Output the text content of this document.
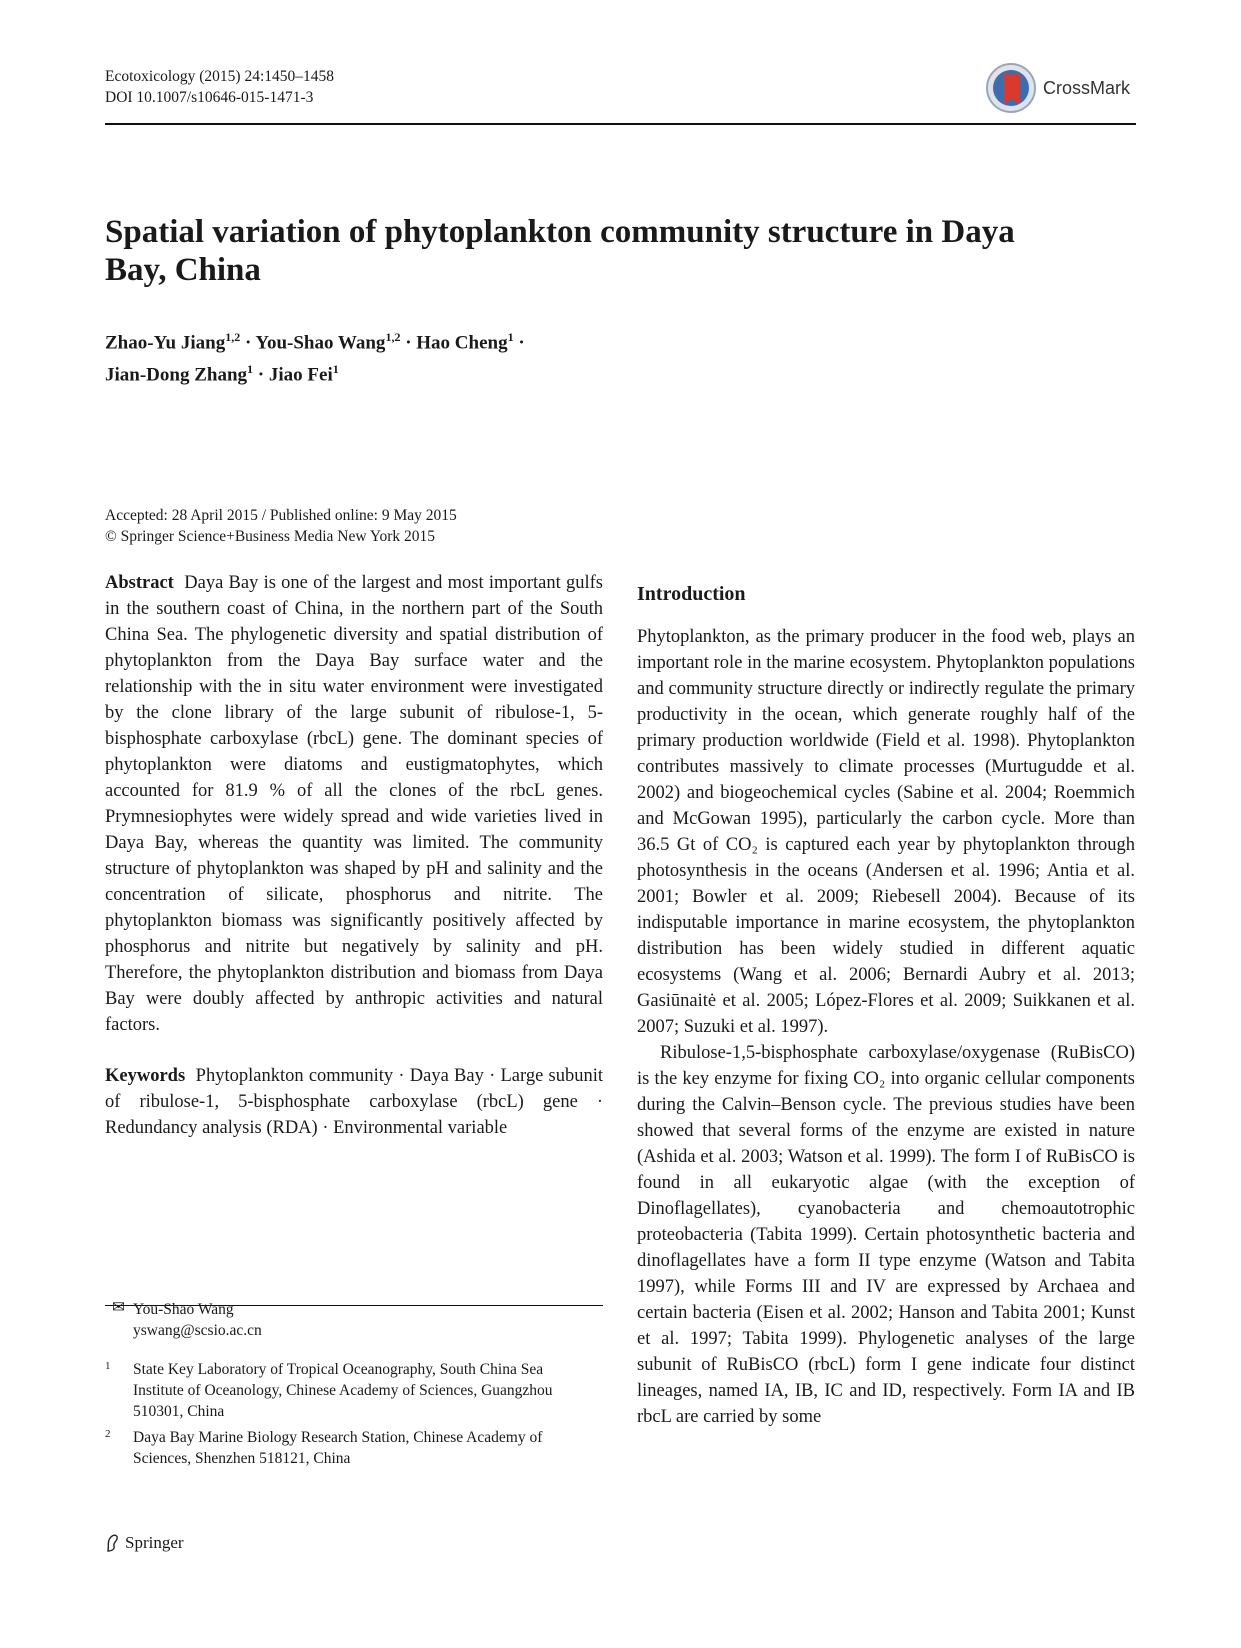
Ecotoxicology (2015) 24:1450–1458
DOI 10.1007/s10646-015-1471-3	CrossMark
Spatial variation of phytoplankton community structure in Daya
Bay, China
Zhao-Yu Jiang$^{1,2}$ · You-Shao Wang$^{1,2}$ · Hao Cheng$^1$ ·
Jian-Dong Zhang$^1$ · Jiao Fei$^1$
Accepted: 28 April 2015 / Published online: 9 May 2015
© Springer Science+Business Media New York 2015

Abstract Daya Bay is one of the largest and most important gulfs in the southern coast of China, in the northern part of the South China Sea. The phylogenetic diversity and spatial distribution of phytoplankton from the Daya Bay surface water and the relationship with the in situ water environment were investigated by the clone library of the large subunit of ribulose-1, 5-bisphosphate carboxylase (rbcL) gene. The dominant species of phytoplankton were diatoms and eustigmatophytes, which accounted for 81.9 % of all the clones of the rbcL genes. Prymnesiophytes were widely spread and wide varieties lived in Daya Bay, whereas the quantity was limited. The community structure of phytoplankton was shaped by pH and salinity and the concentration of silicate, phosphorus and nitrite. The phytoplankton biomass was significantly positively affected by phosphorus and nitrite but negatively by salinity and pH. Therefore, the phytoplankton distribution and biomass from Daya Bay were doubly affected by anthropic activities and natural factors.

Keywords Phytoplankton community · Daya Bay · Large subunit of ribulose-1, 5-bisphosphate carboxylase (rbcL) gene · Redundancy analysis (RDA) · Environmental variable

✉ You-Shao Wang
yswang@scsio.ac.cn
1 State Key Laboratory of Tropical Oceanography, South China Sea Institute of Oceanology, Chinese Academy of Sciences, Guangzhou 510301, China
2 Daya Bay Marine Biology Research Station, Chinese Academy of Sciences, Shenzhen 518121, China
Introduction

Phytoplankton, as the primary producer in the food web, plays an important role in the marine ecosystem. Phytoplankton populations and community structure directly or indirectly regulate the primary productivity in the ocean, which generate roughly half of the primary production worldwide (Field et al. 1998). Phytoplankton contributes massively to climate processes (Murtugudde et al. 2002) and biogeochemical cycles (Sabine et al. 2004; Roemmich and McGowan 1995), particularly the carbon cycle. More than 36.5 Gt of CO₂ is captured each year by phytoplankton through photosynthesis in the oceans (Andersen et al. 1996; Antia et al. 2001; Bowler et al. 2009; Riebesell 2004). Because of its indisputable importance in marine ecosystem, the phytoplankton distribution has been widely studied in different aquatic ecosystems (Wang et al. 2006; Bernardi Aubry et al. 2013; Gasiūnaitė et al. 2005; López-Flores et al. 2009; Suikkanen et al. 2007; Suzuki et al. 1997).

Ribulose-1,5-bisphosphate carboxylase/oxygenase (RuBisCO) is the key enzyme for fixing CO₂ into organic cellular components during the Calvin–Benson cycle. The previous studies have been showed that several forms of the enzyme are existed in nature (Ashida et al. 2003; Watson et al. 1999). The form I of RuBisCO is found in all eukaryotic algae (with the exception of Dinoflagellates), cyanobacteria and chemoautotrophic proteobacteria (Tabita 1999). Certain photosynthetic bacteria and dinoflagellates have a form II type enzyme (Watson and Tabita 1997), while Forms III and IV are expressed by Archaea and certain bacteria (Eisen et al. 2002; Hanson and Tabita 2001; Kunst et al. 1997; Tabita 1999). Phylogenetic analyses of the large subunit of RuBisCO (rbcL) form I gene indicate four distinct lineages, named IA, IB, IC and ID, respectively. Form IA and IB rbcL are carried by some

Springer
